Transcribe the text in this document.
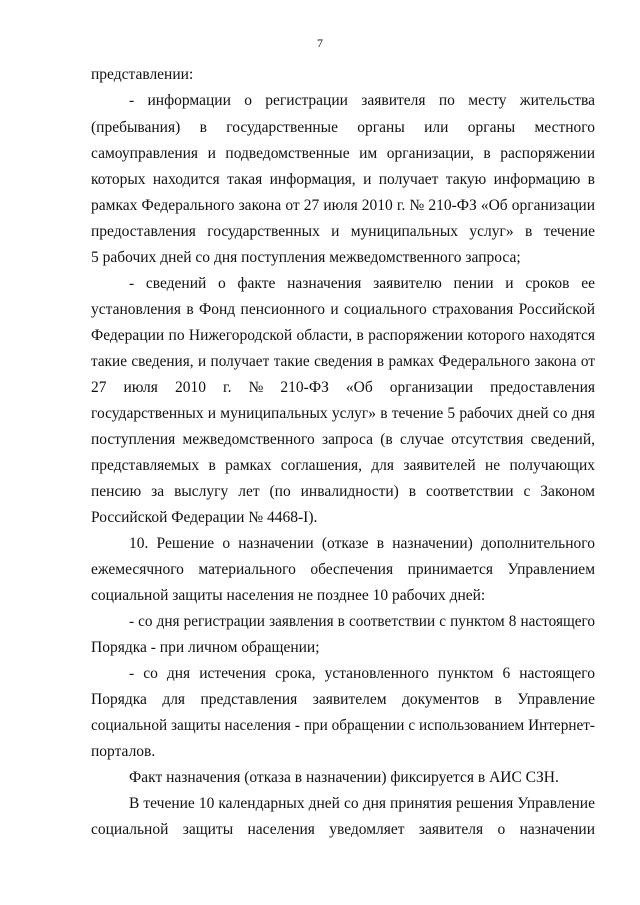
7
представлении:
- информации о регистрации заявителя по месту жительства
(пребывания) в государственные органы или органы местного
самоуправления и подведомственные им организации, в распоряжении
которых находится такая информация, и получает такую информацию в
рамках Федерального закона от 27 июля 2010 г. № 210-ФЗ «Об организации
предоставления государственных и муниципальных услуг» в течение
5 рабочих дней со дня поступления межведомственного запроса;
- сведений о факте назначения заявителю пении и сроков ее
установления в Фонд пенсионного и социального страхования Российской
Федерации по Нижегородской области, в распоряжении которого находятся
такие сведения, и получает такие сведения в рамках Федерального закона от
27 июля 2010 г. № 210-ФЗ «Об организации предоставления
государственных и муниципальных услуг» в течение 5 рабочих дней со дня
поступления межведомственного запроса (в случае отсутствия сведений,
представляемых в рамках соглашения, для заявителей не получающих
пенсию за выслугу лет (по инвалидности) в соответствии с Законом
Российской Федерации № 4468-I).
10. Решение о назначении (отказе в назначении) дополнительного
ежемесячного материального обеспечения принимается Управлением
социальной защиты населения не позднее 10 рабочих дней:
- со дня регистрации заявления в соответствии с пунктом 8 настоящего
Порядка - при личном обращении;
- со дня истечения срока, установленного пунктом 6 настоящего
Порядка для представления заявителем документов в Управление
социальной защиты населения - при обращении с использованием Интернет-
порталов.
Факт назначения (отказа в назначении) фиксируется в АИС СЗН.
В течение 10 календарных дней со дня принятия решения Управление
социальной защиты населения уведомляет заявителя о назначении
